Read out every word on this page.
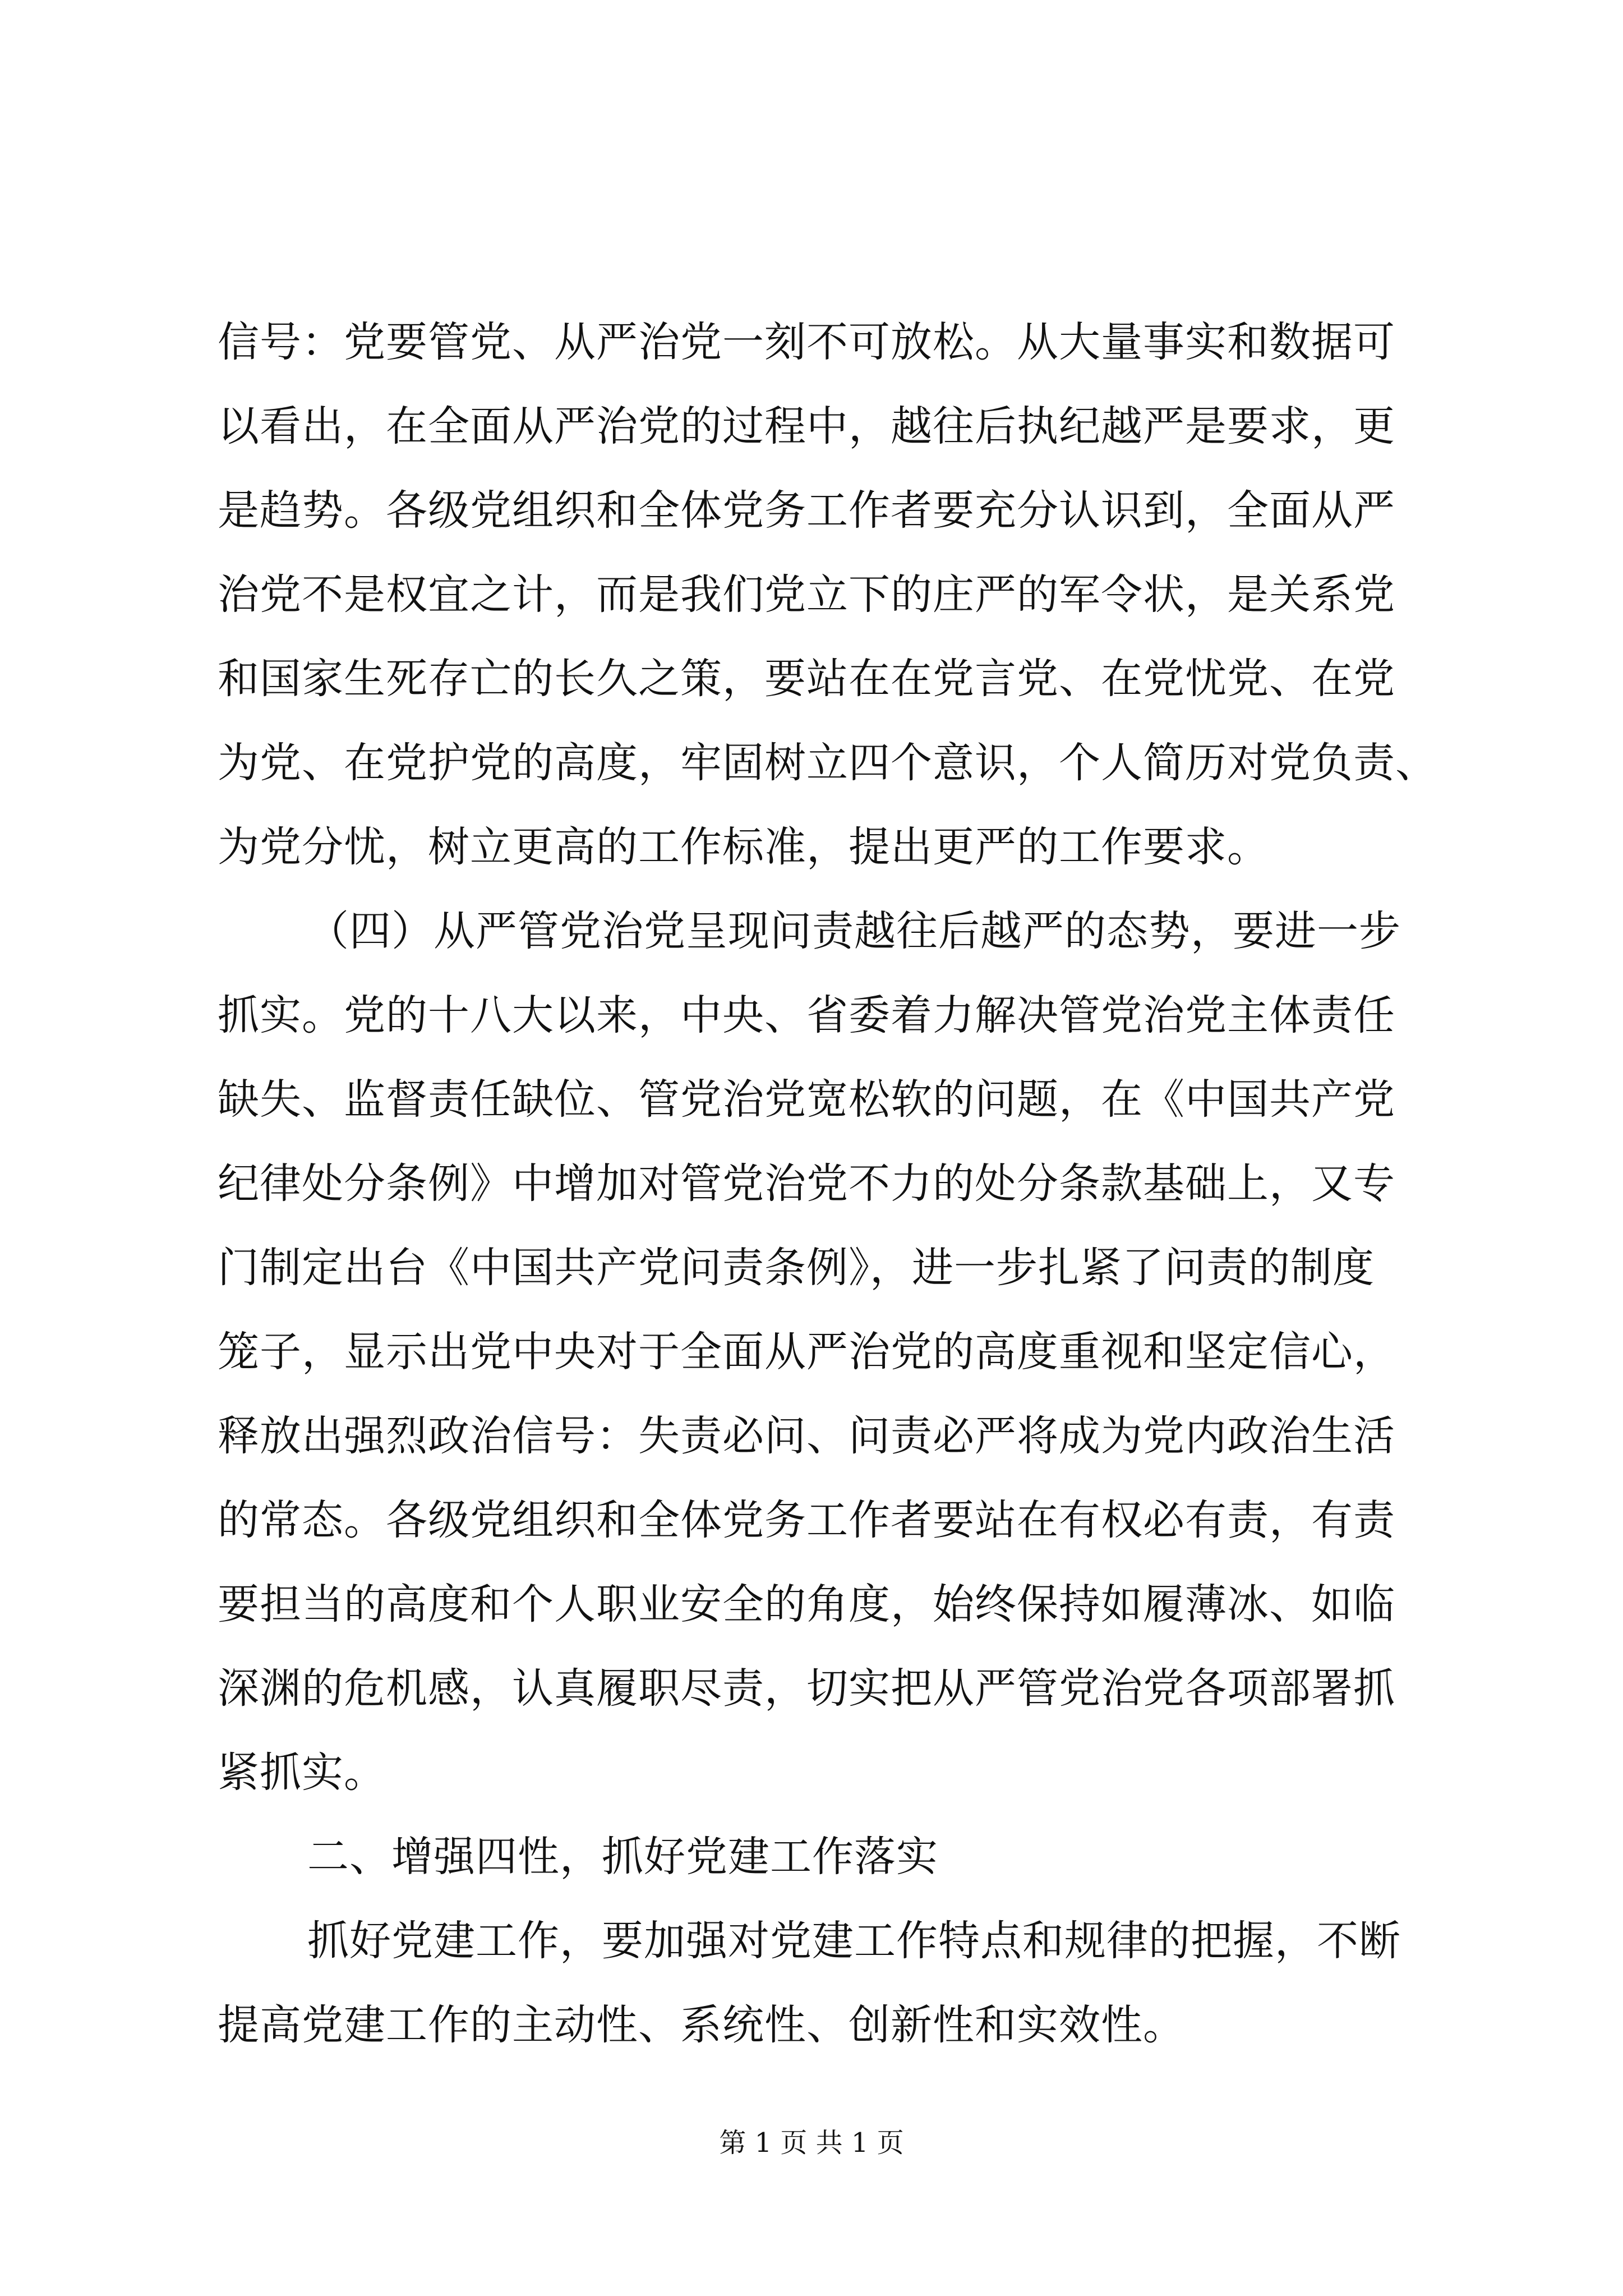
信号：党要管党、从严治党一刻不可放松。从大量事实和数据可
以看出，在全面从严治党的过程中，越往后执纪越严是要求，更
是趋势。各级党组织和全体党务工作者要充分认识到，全面从严
治党不是权宜之计，而是我们党立下的庄严的军令状，是关系党
和国家生死存亡的长久之策，要站在在党言党、在党忧党、在党
为党、在党护党的高度，牢固树立四个意识，个人简历对党负责、
为党分忧，树立更高的工作标准，提出更严的工作要求。
（四）从严管党治党呈现问责越往后越严的态势，要进一步
抓实。党的十八大以来，中央、省委着力解决管党治党主体责任
缺失、监督责任缺位、管党治党宽松软的问题，在《中国共产党
纪律处分条例》中增加对管党治党不力的处分条款基础上，又专
门制定出台《中国共产党问责条例》，进一步扎紧了问责的制度
笼子，显示出党中央对于全面从严治党的高度重视和坚定信心，
释放出强烈政治信号：失责必问、问责必严将成为党内政治生活
的常态。各级党组织和全体党务工作者要站在有权必有责，有责
要担当的高度和个人职业安全的角度，始终保持如履薄冰、如临
深渊的危机感，认真履职尽责，切实把从严管党治党各项部署抓
紧抓实。
二、增强四性，抓好党建工作落实
抓好党建工作，要加强对党建工作特点和规律的把握，不断
提高党建工作的主动性、系统性、创新性和实效性。
第 1 页 共 1 页
